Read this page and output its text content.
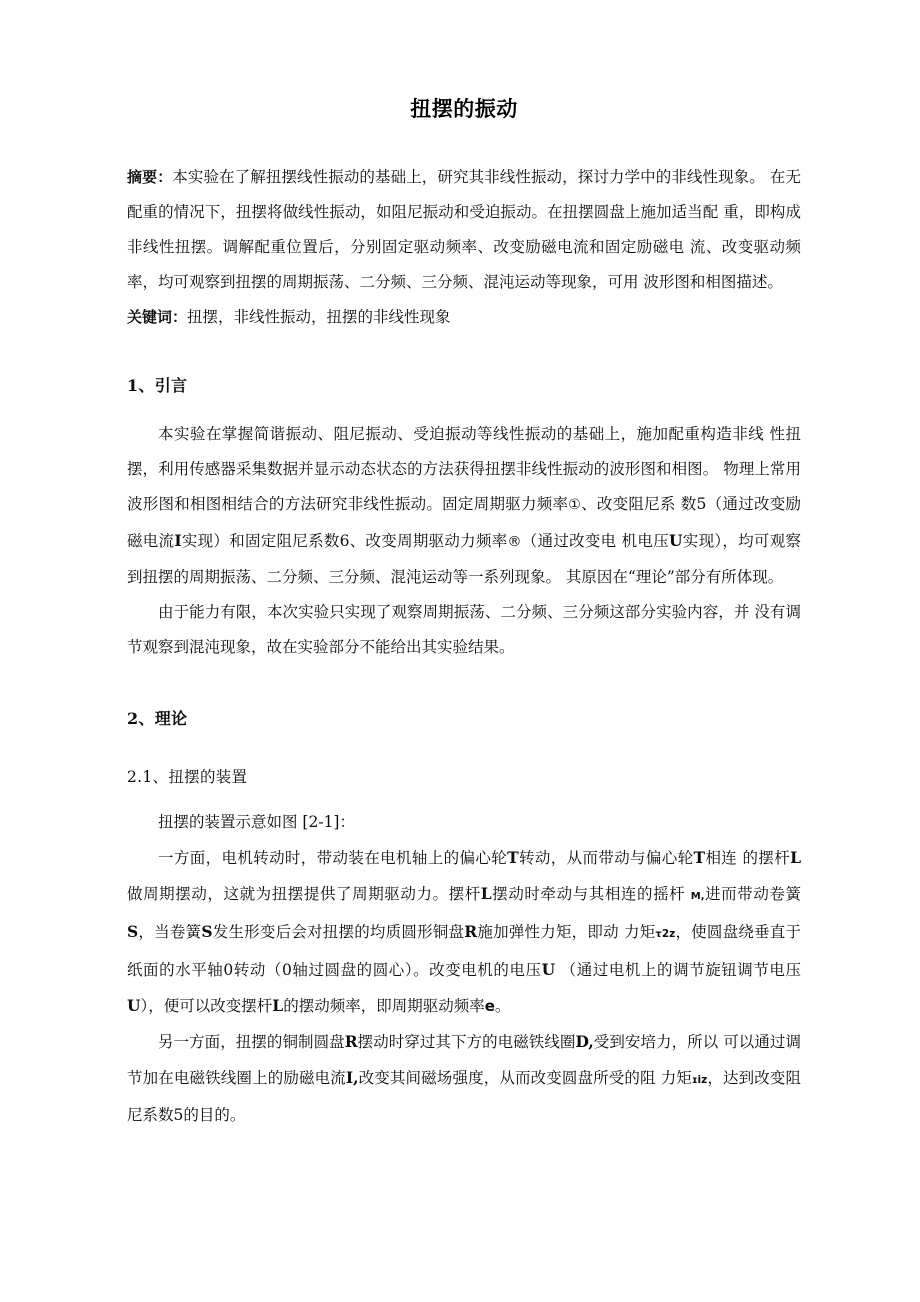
扭摆的振动

摘要：本实验在了解扭摆线性振动的基础上，研究其非线性振动，探讨力学中的非线性现象。 在无配重的情况下，扭摆将做线性振动，如阻尼振动和受迫振动。在扭摆圆盘上施加适当配 重，即构成非线性扭摆。调解配重位置后，分别固定驱动频率、改变励磁电流和固定励磁电 流、改变驱动频率，均可观察到扭摆的周期振荡、二分频、三分频、混沌运动等现象，可用 波形图和相图描述。

关键词：扭摆，非线性振动，扭摆的非线性现象

1、引言

本实验在掌握简谐振动、阻尼振动、受迫振动等线性振动的基础上，施加配重构造非线 性扭摆，利用传感器采集数据并显示动态状态的方法获得扭摆非线性振动的波形图和相图。 物理上常用波形图和相图相结合的方法研究非线性振动。固定周期驱力频率①、改变阻尼系 数5（通过改变励磁电流I实现）和固定阻尼系数6、改变周期驱动力频率®（通过改变电 机电压U实现），均可观察到扭摆的周期振荡、二分频、三分频、混沌运动等一系列现象。 其原因在“理论”部分有所体现。

由于能力有限，本次实验只实现了观察周期振荡、二分频、三分频这部分实验内容，并 没有调节观察到混沌现象，故在实验部分不能给出其实验结果。

2、理论
2.1、扭摆的装置

扭摆的装置示意如图 [2-1]：

一方面，电机转动时，带动装在电机轴上的偏心轮T转动，从而带动与偏心轮T相连 的摆杆L做周期摆动，这就为扭摆提供了周期驱动力。摆杆L摆动时牵动与其相连的摇杆 M,进而带动卷簧S，当卷簧S发生形变后会对扭摆的均质圆形铜盘R施加弹性力矩，即动 力矩τ2z，使圆盘绕垂直于纸面的水平轴0转动（0轴过圆盘的圆心）。改变电机的电压U （通过电机上的调节旋钮调节电压U），便可以改变摆杆L的摆动频率，即周期驱动频率e。

另一方面，扭摆的铜制圆盘R摆动时穿过其下方的电磁铁线圈D,受到安培力，所以 可以通过调节加在电磁铁线圈上的励磁电流I,改变其间磁场强度，从而改变圆盘所受的阻 力矩ɪiz，达到改变阻尼系数5的目的。
